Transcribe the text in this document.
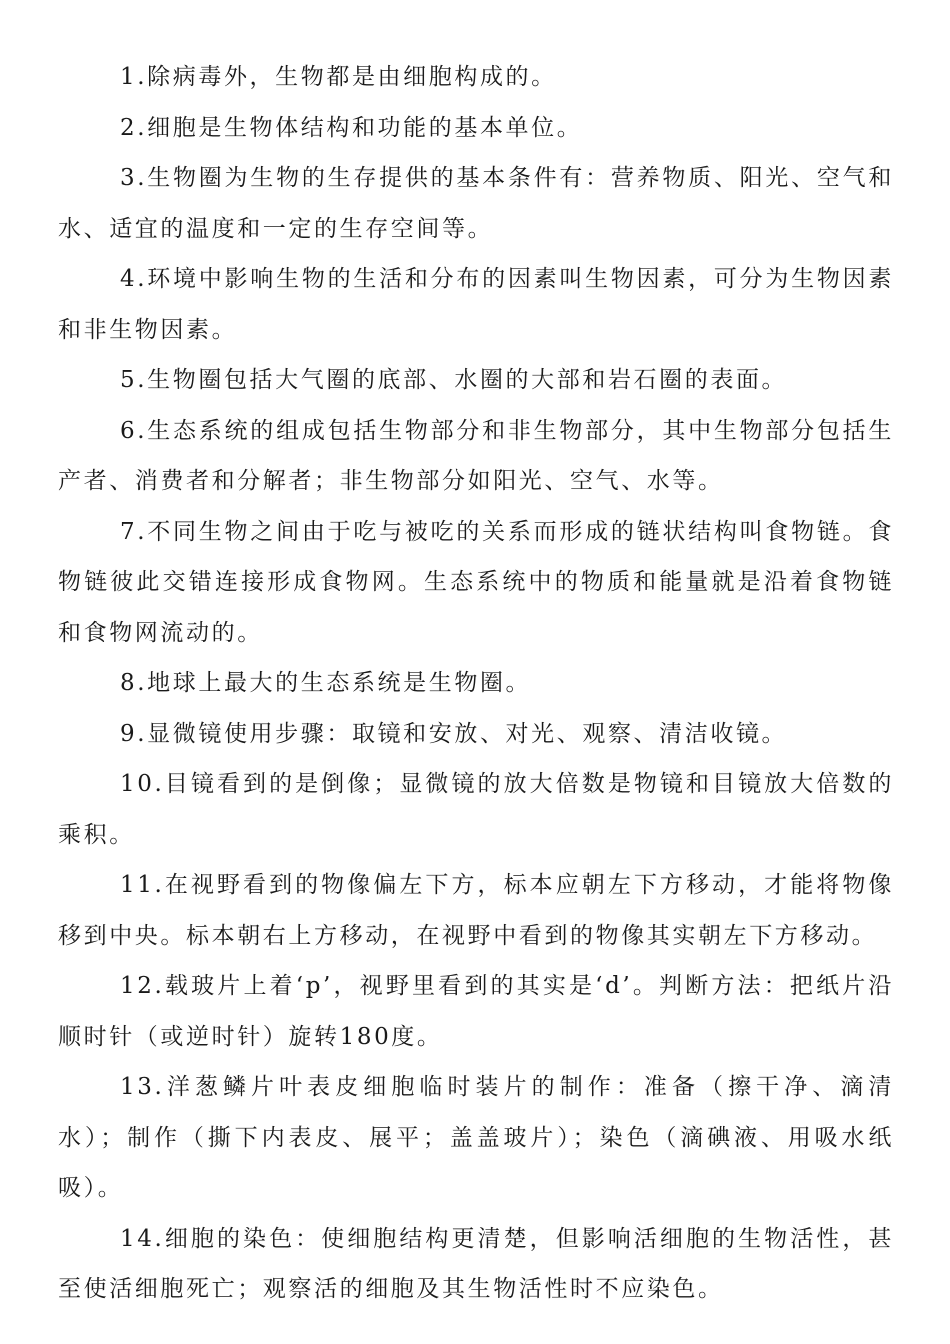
1.除病毒外，生物都是由细胞构成的。

2.细胞是生物体结构和功能的基本单位。

3.生物圈为生物的生存提供的基本条件有：营养物质、阳光、空气和水、适宜的温度和一定的生存空间等。

4.环境中影响生物的生活和分布的因素叫生物因素，可分为生物因素和非生物因素。

5.生物圈包括大气圈的底部、水圈的大部和岩石圈的表面。

6.生态系统的组成包括生物部分和非生物部分，其中生物部分包括生产者、消费者和分解者；非生物部分如阳光、空气、水等。

7.不同生物之间由于吃与被吃的关系而形成的链状结构叫食物链。食物链彼此交错连接形成食物网。生态系统中的物质和能量就是沿着食物链和食物网流动的。

8.地球上最大的生态系统是生物圈。

9.显微镜使用步骤：取镜和安放、对光、观察、清洁收镜。

10.目镜看到的是倒像；显微镜的放大倍数是物镜和目镜放大倍数的乘积。

11.在视野看到的物像偏左下方，标本应朝左下方移动，才能将物像移到中央。标本朝右上方移动，在视野中看到的物像其实朝左下方移动。

12.载玻片上着‘p’，视野里看到的其实是‘d’。判断方法：把纸片沿顺时针（或逆时针）旋转180度。

13.洋葱鳞片叶表皮细胞临时装片的制作：准备（擦干净、滴清水）；制作（撕下内表皮、展平；盖盖玻片）；染色（滴碘液、用吸水纸吸）。

14.细胞的染色：使细胞结构更清楚，但影响活细胞的生物活性，甚至使活细胞死亡；观察活的细胞及其生物活性时不应染色。
